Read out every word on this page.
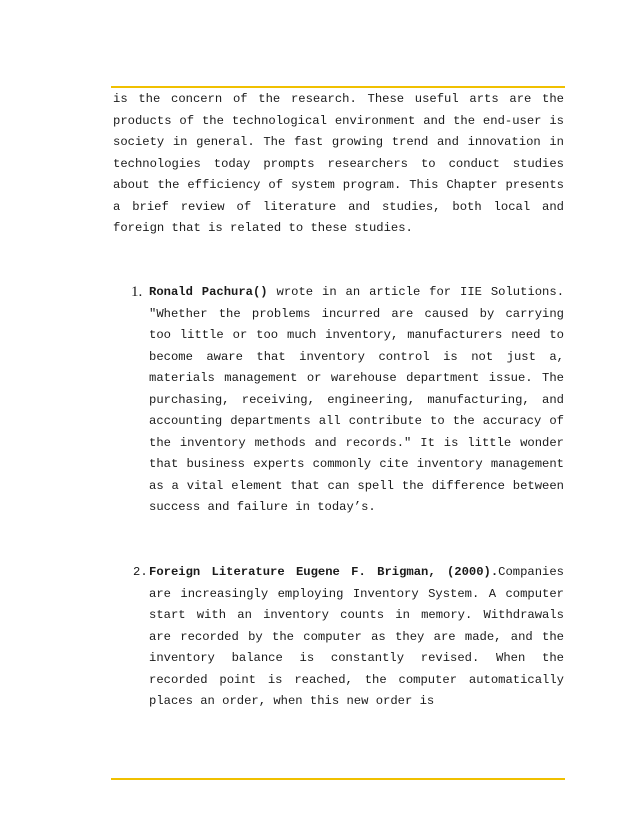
is the concern of the research. These useful arts are the products of the technological environment and the end-user is society in general. The fast growing trend and innovation in technologies today prompts researchers to conduct studies about the efficiency of system program. This Chapter presents a brief review of literature and studies, both local and foreign that is related to these studies.

1. Ronald Pachura() wrote in an article for IIE Solutions. "Whether the problems incurred are caused by carrying too little or too much inventory, manufacturers need to become aware that inventory control is not just a, materials management or warehouse department issue. The purchasing, receiving, engineering, manufacturing, and accounting departments all contribute to the accuracy of the inventory methods and records." It is little wonder that business experts commonly cite inventory management as a vital element that can spell the difference between success and failure in today’s.
2. Foreign Literature Eugene F. Brigman, (2000).Companies are increasingly employing Inventory System. A computer start with an inventory counts in memory. Withdrawals are recorded by the computer as they are made, and the inventory balance is constantly revised. When the recorded point is reached, the computer automatically places an order, when this new order is
